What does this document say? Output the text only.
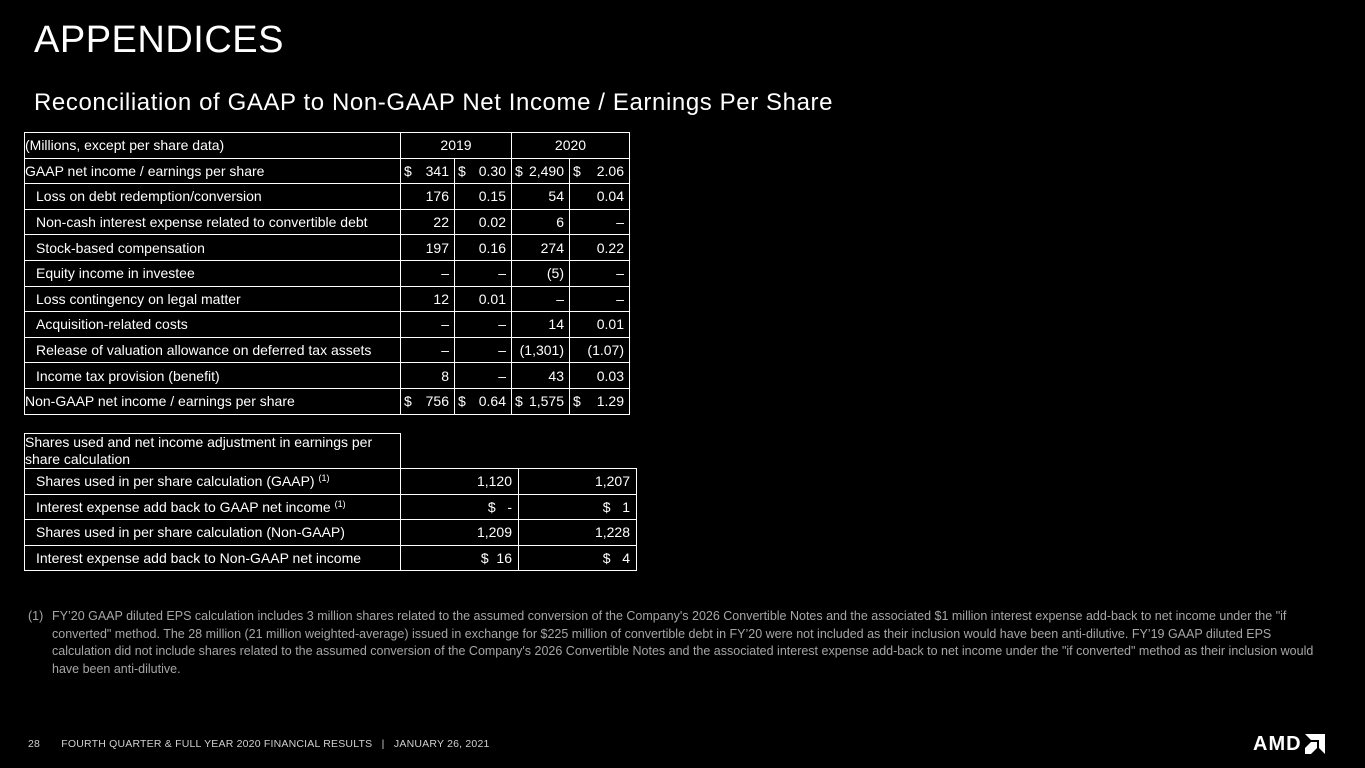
APPENDICES
Reconciliation of GAAP to Non-GAAP Net Income / Earnings Per Share
(Millions, except per share data)	2019		2020	
GAAP net income / earnings per share	$ 341	$ 0.30	$ 2,490	$ 2.06

Loss on debt redemption/conversion	176	0.15	54	0.04
Non-cash interest expense related to convertible debt	22	0.02	6	–
Stock-based compensation	197	0.16	274	0.22
Equity income in investee	–	–	(5)	–
Loss contingency on legal matter	12	0.01	–	–
Acquisition-related costs	–	–	14	0.01
Release of valuation allowance on deferred tax assets	–	–	(1,301)	(1.07)
Income tax provision (benefit)	8	–	43	0.03
Non-GAAP net income / earnings per share	$ 756	$ 0.64	$ 1,575	$ 1.29
Shares used and net income adjustment in earnings per share calculation		
Shares used in per share calculation (GAAP) $^{(1)}$	1,120	1,207
Interest expense add back to GAAP net income $^{(1)}$	$   -	$   1
Shares used in per share calculation (Non-GAAP)	1,209	1,228
Interest expense add back to Non-GAAP net income	$  16	$   4
(1) FY’20 GAAP diluted EPS calculation includes 3 million shares related to the assumed conversion of the Company's 2026 Convertible Notes and the associated $1 million interest expense add-back to net income under the "if converted" method. The 28 million (21 million weighted-average) issued in exchange for $225 million of convertible debt in FY’20 were not included as their inclusion would have been anti-dilutive. FY’19 GAAP diluted EPS calculation did not include shares related to the assumed conversion of the Company's 2026 Convertible Notes and the associated interest expense add-back to net income under the "if converted" method as their inclusion would have been anti-dilutive.
28 FOURTH QUARTER & FULL YEAR 2020 FINANCIAL RESULTS   |   JANUARY 26, 2021	AMD
